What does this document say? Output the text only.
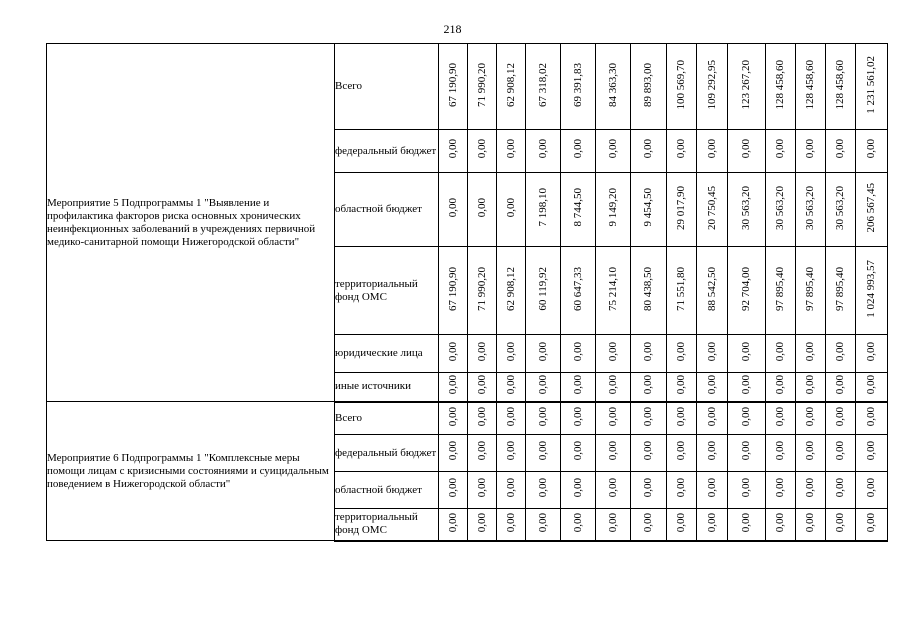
218
Мероприятие 5 Подпрограммы 1 "Выявление и профилактика факторов риска основных хронических неинфекционных заболеваний в учреждениях первичной медико-санитарной помощи Нижегородской области"	Всего	67 190,90	71 990,20	62 908,12	67 318,02	69 391,83	84 363,30	89 893,00	100 569,70	109 292,95	123 267,20	128 458,60	128 458,60	128 458,60	1 231 561,02
	федеральный бюджет	0,00	0,00	0,00	0,00	0,00	0,00	0,00	0,00	0,00	0,00	0,00	0,00	0,00	0,00
	областной бюджет	0,00	0,00	0,00	7 198,10	8 744,50	9 149,20	9 454,50	29 017,90	20 750,45	30 563,20	30 563,20	30 563,20	30 563,20	206 567,45
	территориальный фонд ОМС	67 190,90	71 990,20	62 908,12	60 119,92	60 647,33	75 214,10	80 438,50	71 551,80	88 542,50	92 704,00	97 895,40	97 895,40	97 895,40	1 024 993,57
	юридические лица	0,00	0,00	0,00	0,00	0,00	0,00	0,00	0,00	0,00	0,00	0,00	0,00	0,00	0,00
	иные источники	0,00	0,00	0,00	0,00	0,00	0,00	0,00	0,00	0,00	0,00	0,00	0,00	0,00	0,00
Мероприятие 6 Подпрограммы 1 "Комплексные меры помощи лицам с кризисными состояниями и суицидальным поведением в Нижегородской области"	Всего	0,00	0,00	0,00	0,00	0,00	0,00	0,00	0,00	0,00	0,00	0,00	0,00	0,00	0,00
	федеральный бюджет	0,00	0,00	0,00	0,00	0,00	0,00	0,00	0,00	0,00	0,00	0,00	0,00	0,00	0,00
	областной бюджет	0,00	0,00	0,00	0,00	0,00	0,00	0,00	0,00	0,00	0,00	0,00	0,00	0,00	0,00
	территориальный фонд ОМС	0,00	0,00	0,00	0,00	0,00	0,00	0,00	0,00	0,00	0,00	0,00	0,00	0,00	0,00
